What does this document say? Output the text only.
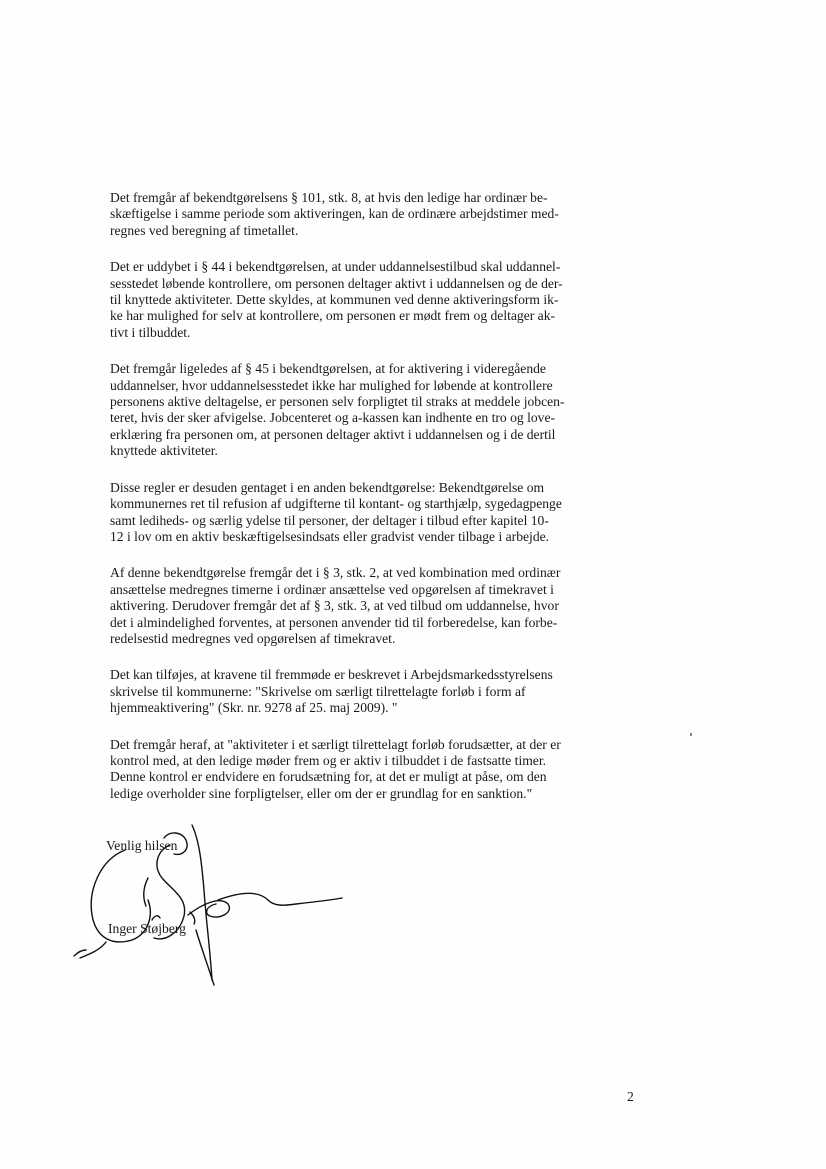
Det fremgår af bekendtgørelsens § 101, stk. 8, at hvis den ledige har ordinær be-
skæftigelse i samme periode som aktiveringen, kan de ordinære arbejdstimer med-
regnes ved beregning af timetallet.

Det er uddybet i § 44 i bekendtgørelsen, at under uddannelsestilbud skal uddannel-
sesstedet løbende kontrollere, om personen deltager aktivt i uddannelsen og de der-
til knyttede aktiviteter. Dette skyldes, at kommunen ved denne aktiveringsform ik-
ke har mulighed for selv at kontrollere, om personen er mødt frem og deltager ak-
tivt i tilbuddet.

Det fremgår ligeledes af § 45 i bekendtgørelsen, at for aktivering i videregående
uddannelser, hvor uddannelsesstedet ikke har mulighed for løbende at kontrollere
personens aktive deltagelse, er personen selv forpligtet til straks at meddele jobcen-
teret, hvis der sker afvigelse. Jobcenteret og a-kassen kan indhente en tro og love-
erklæring fra personen om, at personen deltager aktivt i uddannelsen og i de dertil
knyttede aktiviteter.

Disse regler er desuden gentaget i en anden bekendtgørelse: Bekendtgørelse om
kommunernes ret til refusion af udgifterne til kontant- og starthjælp, sygedagpenge
samt lediheds- og særlig ydelse til personer, der deltager i tilbud efter kapitel 10-
12 i lov om en aktiv beskæftigelsesindsats eller gradvist vender tilbage i arbejde.

Af denne bekendtgørelse fremgår det i § 3, stk. 2, at ved kombination med ordinær
ansættelse medregnes timerne i ordinær ansættelse ved opgørelsen af timekravet i
aktivering. Derudover fremgår det af § 3, stk. 3, at ved tilbud om uddannelse, hvor
det i almindelighed forventes, at personen anvender tid til forberedelse, kan forbe-
redelsestid medregnes ved opgørelsen af timekravet.

Det kan tilføjes, at kravene til fremmøde er beskrevet i Arbejdsmarkedsstyrelsens
skrivelse til kommunerne: "Skrivelse om særligt tilrettelagte forløb i form af
hjemmeaktivering" (Skr. nr. 9278 af 25. maj 2009). "

Det fremgår heraf, at "aktiviteter i et særligt tilrettelagt forløb forudsætter, at der er
kontrol med, at den ledige møder frem og er aktiv i tilbuddet i de fastsatte timer.
Denne kontrol er endvidere en forudsætning for, at det er muligt at påse, om den
ledige overholder sine forpligtelser, eller om der er grundlag for en sanktion."

Venlig hilsen
Inger Støjberg
2
